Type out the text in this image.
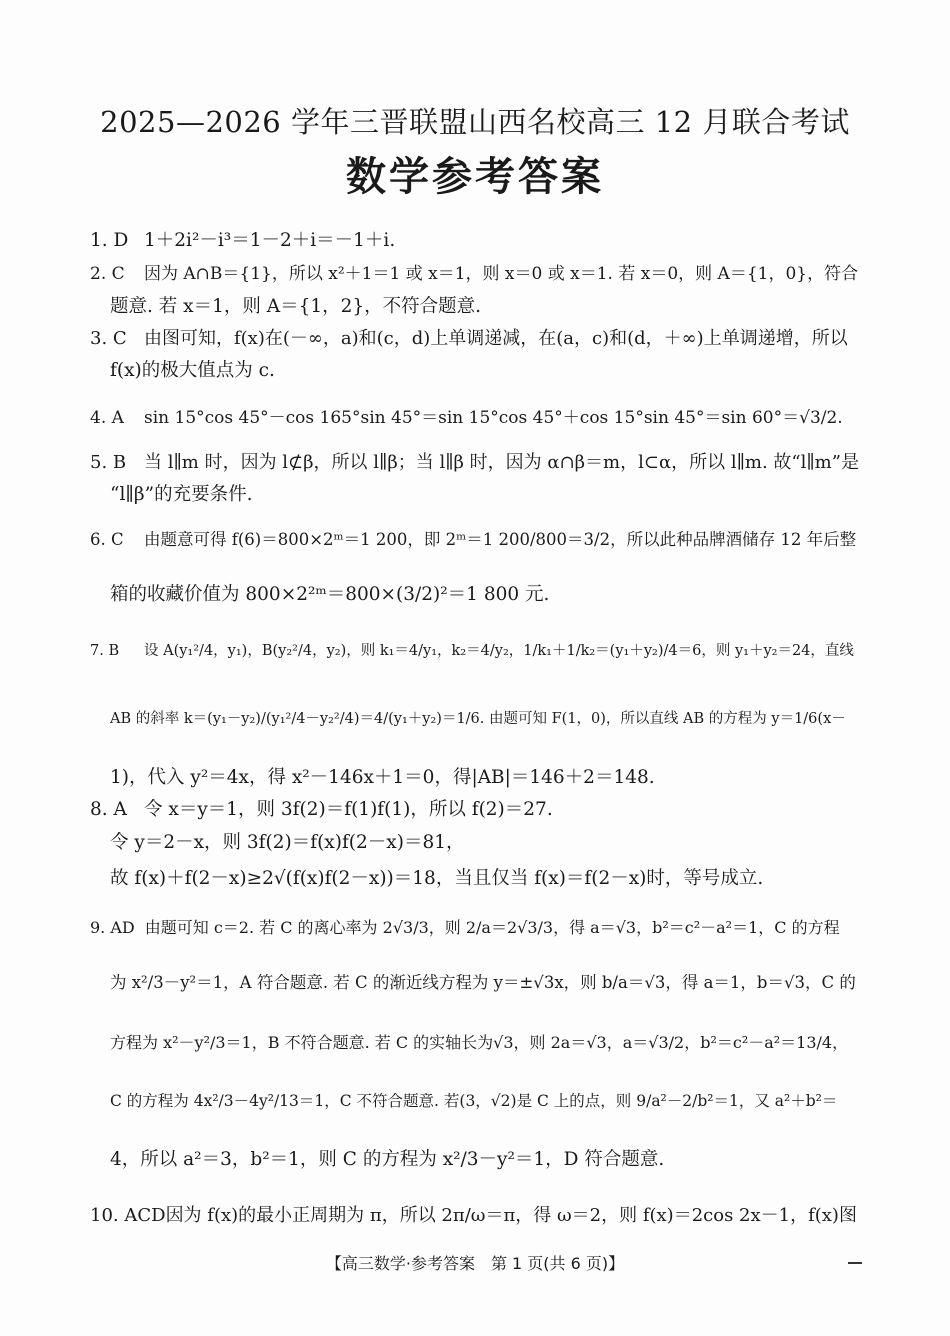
2025—2026 学年三晋联盟山西名校高三 12 月联合考试
数学参考答案
1. D 1＋2i²－i³＝1－2＋i＝－1＋i.
2. C 因为 A∩B＝{1}，所以 x²＋1＝1 或 x＝1，则 x＝0 或 x＝1. 若 x＝0，则 A＝{1，0}，符合
题意. 若 x＝1，则 A＝{1，2}，不符合题意.
3. C 由图可知，f(x)在(－∞，a)和(c，d)上单调递减，在(a，c)和(d，＋∞)上单调递增，所以
f(x)的极大值点为 c.
4. A sin 15°cos 45°－cos 165°sin 45°＝sin 15°cos 45°＋cos 15°sin 45°＝sin 60°＝√3/2.
5. B 当 l∥m 时，因为 l⊄β，所以 l∥β；当 l∥β 时，因为 α∩β＝m，l⊂α，所以 l∥m. 故“l∥m”是
“l∥β”的充要条件.
6. C 由题意可得 f(6)＝800×2ᵐ＝1 200，即 2ᵐ＝1 200/800＝3/2，所以此种品牌酒储存 12 年后整
箱的收藏价值为 800×2²ᵐ＝800×(3/2)²＝1 800 元.
7. B 设 A(y₁²/4，y₁)，B(y₂²/4，y₂)，则 k₁＝4/y₁，k₂＝4/y₂，1/k₁＋1/k₂＝(y₁＋y₂)/4＝6，则 y₁＋y₂＝24，直线
AB 的斜率 k＝(y₁－y₂)/(y₁²/4－y₂²/4)＝4/(y₁＋y₂)＝1/6. 由题可知 F(1，0)，所以直线 AB 的方程为 y＝1/6(x－
1)，代入 y²＝4x，得 x²－146x＋1＝0，得|AB|＝146＋2＝148.
8. A 令 x＝y＝1，则 3f(2)＝f(1)f(1)，所以 f(2)＝27.
令 y＝2－x，则 3f(2)＝f(x)f(2－x)＝81，
故 f(x)＋f(2－x)≥2√(f(x)f(2－x))＝18，当且仅当 f(x)＝f(2－x)时，等号成立.
9. AD 由题可知 c＝2. 若 C 的离心率为 2√3/3，则 2/a＝2√3/3，得 a＝√3，b²＝c²－a²＝1，C 的方程
为 x²/3－y²＝1，A 符合题意. 若 C 的渐近线方程为 y＝±√3x，则 b/a＝√3，得 a＝1，b＝√3，C 的
方程为 x²－y²/3＝1，B 不符合题意. 若 C 的实轴长为√3，则 2a＝√3，a＝√3/2，b²＝c²－a²＝13/4，
C 的方程为 4x²/3－4y²/13＝1，C 不符合题意. 若(3，√2)是 C 上的点，则 9/a²－2/b²＝1，又 a²＋b²＝
4，所以 a²＝3，b²＝1，则 C 的方程为 x²/3－y²＝1，D 符合题意.
10. ACD因为 f(x)的最小正周期为 π，所以 2π/ω＝π，得 ω＝2，则 f(x)＝2cos 2x－1，f(x)图
【高三数学·参考答案　第 1 页(共 6 页)】
